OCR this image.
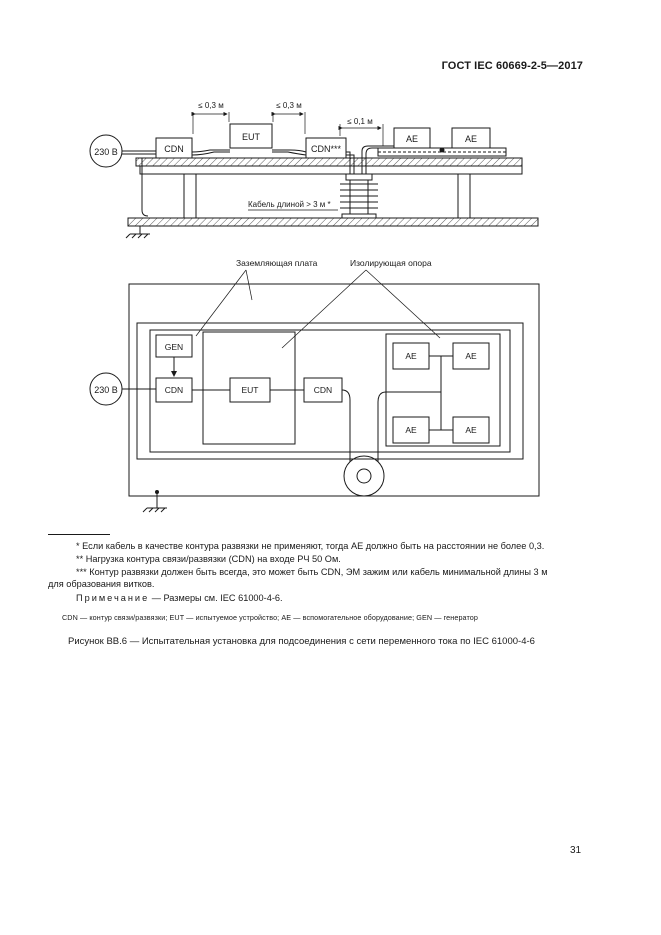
ГОСТ IEC 60669-2-5—2017
230 В	CDN
EUT
CDN***
AE	AE
≤ 0,3 м	≤ 0,3 м
≤ 0,1 м
Кабель длиной > 3 м *
Заземляющая плата	Изолирующая опора
230 В
GEN
CDN	EUT	CDN
AE	AE
AE	AE
* Если кабель в качестве контура развязки не применяют, тогда AE должно быть на расстоянии не более 0,3.
** Нагрузка контура связи/развязки (CDN) на входе РЧ 50 Ом.
*** Контур развязки должен быть всегда, это может быть CDN, ЭМ зажим или кабель минимальной длины 3 м
для образования витков.
Примечание — Размеры см. IEC 61000-4-6.
CDN — контур связи/развязки; EUT — испытуемое устройство; AE — вспомогательное оборудование; GEN — генератор
Рисунок ВВ.6 — Испытательная установка для подсоединения с сети переменного тока по IEC 61000-4-6
31
